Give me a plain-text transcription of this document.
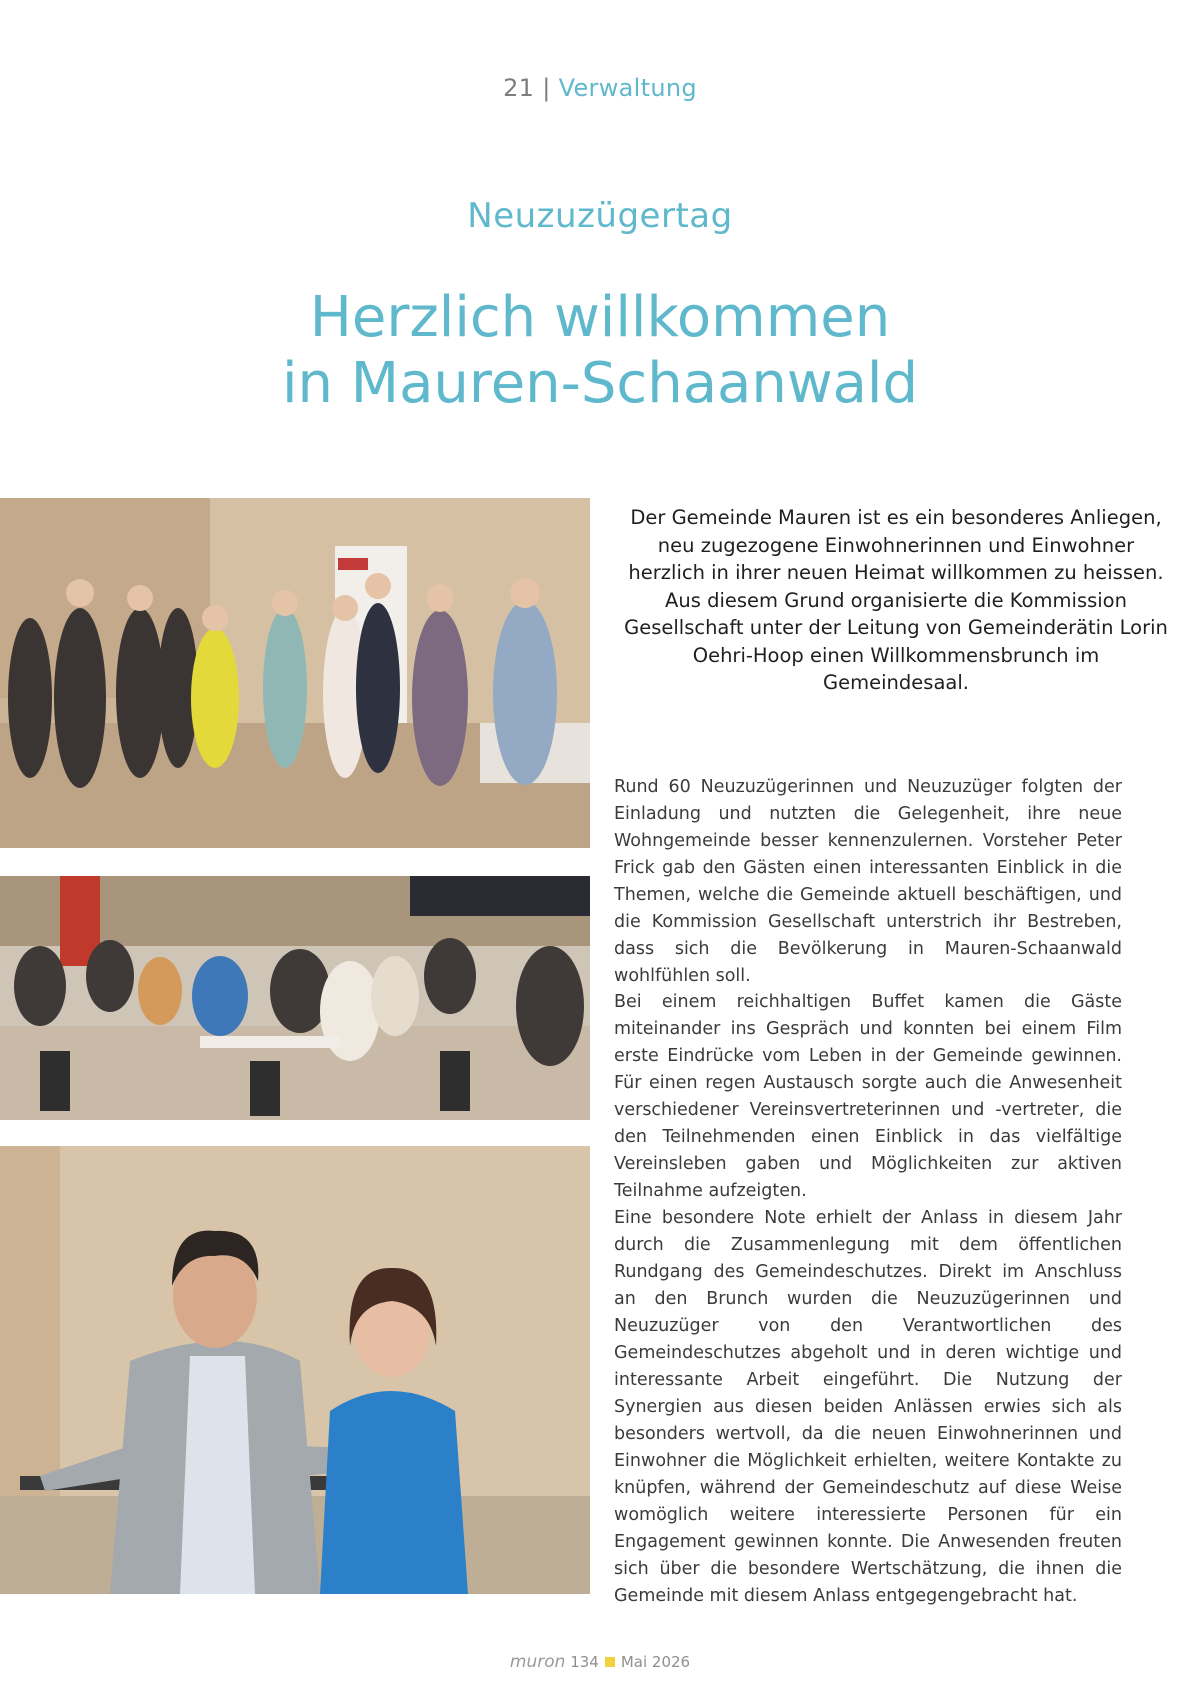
21 | Verwaltung
Neuzuzügertag
Herzlich willkommen
in Mauren-Schaanwald
Der Gemeinde Mauren ist es ein besonderes Anliegen, neu zugezogene Einwohnerinnen und Einwohner herzlich in ihrer neuen Heimat willkommen zu heissen. Aus diesem Grund organisierte die Kommission Gesellschaft unter der Leitung von Gemeinderätin Lorin Oehri-Hoop einen Willkommensbrunch im Gemeindesaal.
Rund 60 Neuzuzügerinnen und Neuzuzüger folgten der Einladung und nutzten die Gelegenheit, ihre neue Wohngemeinde besser kennenzulernen. Vorsteher Peter Frick gab den Gästen einen interessanten Einblick in die Themen, welche die Gemeinde aktuell beschäftigen, und die Kommission Gesellschaft unterstrich ihr Bestreben, dass sich die Bevölkerung in Mauren-Schaanwald wohlfühlen soll.
Bei einem reichhaltigen Buffet kamen die Gäste miteinander ins Gespräch und konnten bei einem Film erste Eindrücke vom Leben in der Gemeinde gewinnen. Für einen regen Austausch sorgte auch die Anwesenheit verschiedener Vereinsvertreterinnen und -vertreter, die den Teilnehmenden einen Einblick in das vielfältige Vereinsleben gaben und Möglichkeiten zur aktiven Teilnahme aufzeigten.
Eine besondere Note erhielt der Anlass in diesem Jahr durch die Zusammenlegung mit dem öffentlichen Rundgang des Gemeindeschutzes. Direkt im Anschluss an den Brunch wurden die Neuzuzügerinnen und Neuzuzüger von den Verantwortlichen des Gemeindeschutzes abgeholt und in deren wichtige und interessante Arbeit eingeführt. Die Nutzung der Synergien aus diesen beiden Anlässen erwies sich als besonders wertvoll, da die neuen Einwohnerinnen und Einwohner die Möglichkeit erhielten, weitere Kontakte zu knüpfen, während der Gemeindeschutz auf diese Weise womöglich weitere interessierte Personen für ein Engagement gewinnen konnte. Die Anwesenden freuten sich über die besondere Wertschätzung, die ihnen die Gemeinde mit diesem Anlass entgegengebracht hat.
muron 134 Mai 2026
